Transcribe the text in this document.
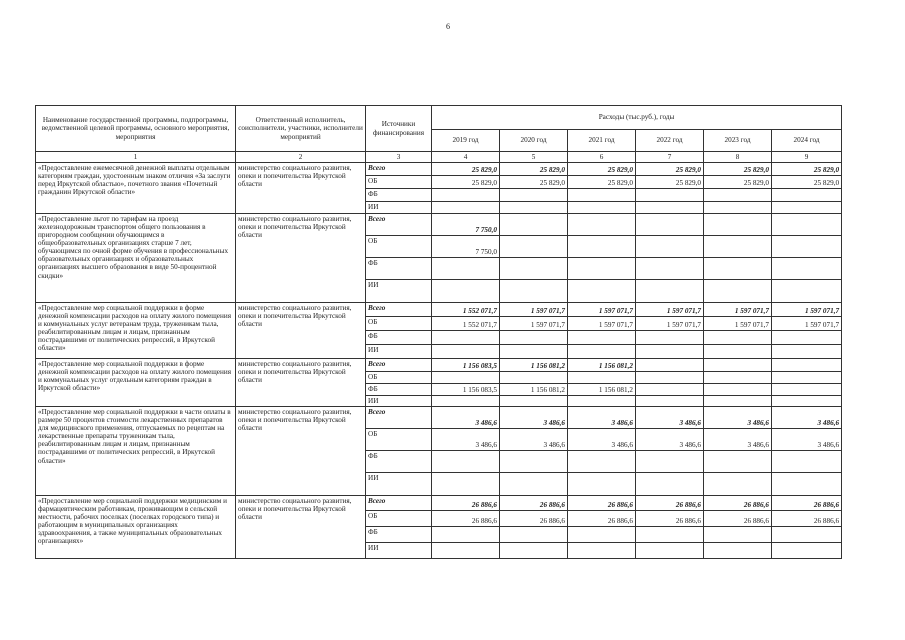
6
Наименование государственной программы, подпрограммы, ведомственной целевой программы, основного мероприятия, мероприятия	Ответственный исполнитель, соисполнители, участники, исполнители мероприятий	Источники финансирования	Расходы (тыс.руб.), годы					
			2019 год	2020 год	2021 год	2022 год	2023 год	2024 год
1	2	3	4	5	6	7	8	9
«Предоставление ежемесячной денежной выплаты отдельным категориям граждан, удостоенным знаком отличия «За заслуги перед Иркутской областью», почетного звания «Почетный гражданин Иркутской области»	министерство социального развития, опеки и попечительства Иркутской области	Всего	25 829,0	25 829,0	25 829,0	25 829,0	25 829,0	25 829,0
		ОБ	25 829,0	25 829,0	25 829,0	25 829,0	25 829,0	25 829,0
		ФБ						
		ИИ						
«Предоставление льгот по тарифам на проезд железнодорожным транспортом общего пользования в пригородном сообщении обучающимся в общеобразовательных организациях старше 7 лет, обучающимся по очной форме обучения в профессиональных образовательных организациях и образовательных организациях высшего образования в виде 50-процентной скидки»	министерство социального развития, опеки и попечительства Иркутской области	Всего	7 750,0					
		ОБ	7 750,0					
		ФБ						
		ИИ						
«Предоставление мер социальной поддержки в форме денежной компенсации расходов на оплату жилого помещения и коммунальных услуг ветеранам труда, труженикам тыла, реабилитированным лицам и лицам, признанным пострадавшими от политических репрессий, в Иркутской области»	министерство социального развития, опеки и попечительства Иркутской области	Всего	1 552 071,7	1 597 071,7	1 597 071,7	1 597 071,7	1 597 071,7	1 597 071,7
		ОБ	1 552 071,7	1 597 071,7	1 597 071,7	1 597 071,7	1 597 071,7	1 597 071,7
		ФБ						
		ИИ						
«Предоставление мер социальной поддержки в форме денежной компенсации расходов на оплату жилого помещения и коммунальных услуг отдельным категориям граждан в Иркутской области»	министерство социального развития, опеки и попечительства Иркутской области	Всего	1 156 083,5	1 156 081,2	1 156 081,2			
		ОБ						
		ФБ	1 156 083,5	1 156 081,2	1 156 081,2			
		ИИ						
«Предоставление мер социальной поддержки в части оплаты в размере 50 процентов стоимости лекарственных препаратов для медицинского применения, отпускаемых по рецептам на лекарственные препараты труженикам тыла, реабилитированным лицам и лицам, признанным пострадавшими от политических репрессий, в Иркутской области»	министерство социального развития, опеки и попечительства Иркутской области	Всего	3 486,6	3 486,6	3 486,6	3 486,6	3 486,6	3 486,6
		ОБ	3 486,6	3 486,6	3 486,6	3 486,6	3 486,6	3 486,6
		ФБ						
		ИИ						
«Предоставление мер социальной поддержки медицинским и фармацевтическим работникам, проживающим в сельской местности, рабочих поселках (поселках городского типа) и работающим в муниципальных организациях здравоохранения, а также муниципальных образовательных организациях»	министерство социального развития, опеки и попечительства Иркутской области	Всего	26 886,6	26 886,6	26 886,6	26 886,6	26 886,6	26 886,6
		ОБ	26 886,6	26 886,6	26 886,6	26 886,6	26 886,6	26 886,6
		ФБ						
		ИИ						
